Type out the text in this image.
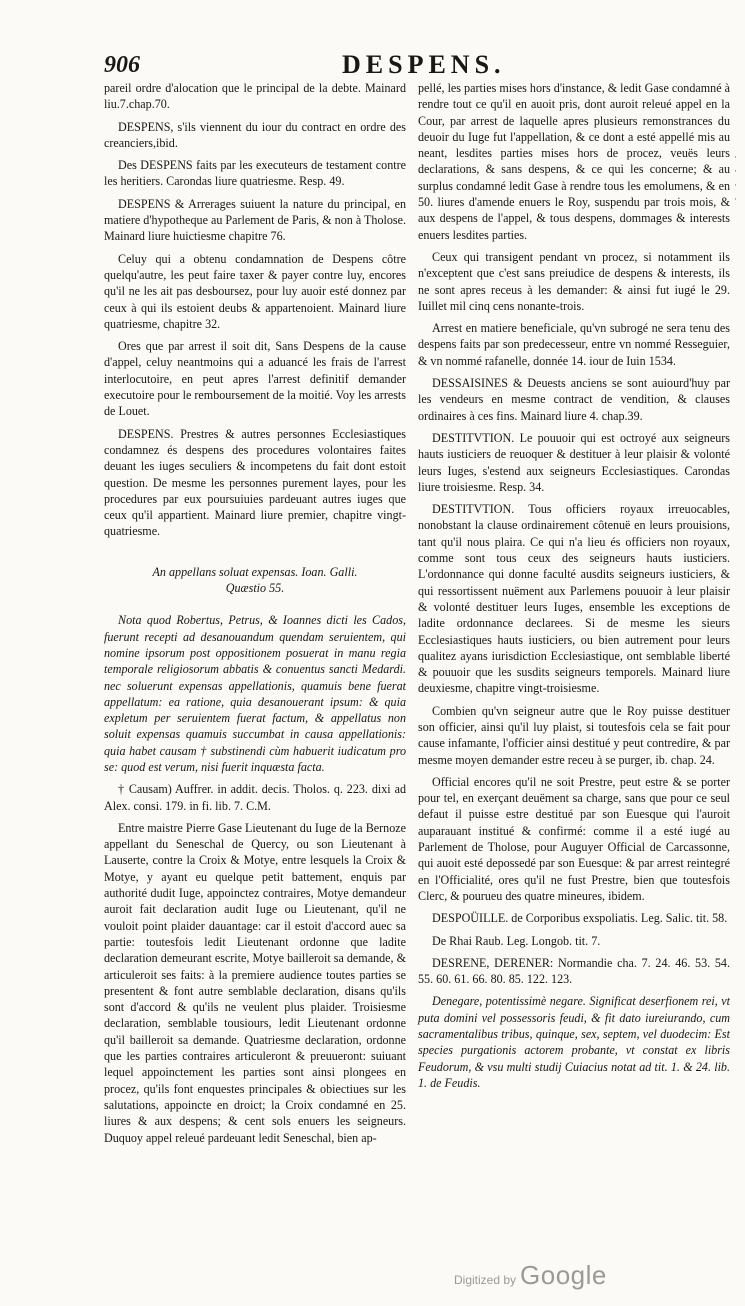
906	DESPENS.

pareil ordre d'alocation que le principal de la debte. Mainard liu.7.chap.70.

DESPENS, s'ils viennent du iour du contract en ordre des creanciers,ibid.

Des DESPENS faits par les executeurs de testament contre les heritiers. Carondas liure quatriesme. Resp. 49.

DESPENS & Arrerages suiuent la nature du principal, en matiere d'hypotheque au Parlement de Paris, & non à Tholose. Mainard liure huictiesme chapitre 76.

Celuy qui a obtenu condamnation de Despens côtre quelqu'autre, les peut faire taxer & payer contre luy, encores qu'il ne les ait pas desboursez, pour luy auoir esté donnez par ceux à qui ils estoient deubs & appartenoient. Mainard liure quatriesme, chapitre 32.

Ores que par arrest il soit dit, Sans Despens de la cause d'appel, celuy neantmoins qui a aduancé les frais de l'arrest interlocutoire, en peut apres l'arrest definitif demander executoire pour le remboursement de la moitié. Voy les arrests de Louet.

DESPENS. Prestres & autres personnes Ecclesiastiques condamnez és despens des procedures volontaires faites deuant les iuges seculiers & incompetens du fait dont estoit question. De mesme les personnes purement layes, pour les procedures par eux poursuiuies pardeuant autres iuges que ceux qu'il appartient. Mainard liure premier, chapitre vingt-quatriesme.

An appellans soluat expensas. Ioan. Galli.

Quæstio 55.

Nota quod Robertus, Petrus, & Ioannes dicti les Cados, fuerunt recepti ad desanouandum quendam seruientem, qui nomine ipsorum post oppositionem posuerat in manu regia temporale religiosorum abbatis & conuentus sancti Medardi. nec soluerunt expensas appellationis, quamuis bene fuerat appellatum: ea ratione, quia desanouerant ipsum: & quia expletum per seruientem fuerat factum, & appellatus non soluit expensas quamuis succumbat in causa appellationis: quia habet causam † substinendi cùm habuerit iudicatum pro se: quod est verum, nisi fuerit inquæsta facta.

† Causam) Auffrer. in addit. decis. Tholos. q. 223. dixi ad Alex. consi. 179. in fi. lib. 7. C.M.

Entre maistre Pierre Gase Lieutenant du Iuge de la Bernoze appellant du Seneschal de Quercy, ou son Lieutenant à Lauserte, contre la Croix & Motye, entre lesquels la Croix & Motye, y ayant eu quelque petit battement, enquis par authorité dudit Iuge, appoinctez contraires, Motye demandeur auroit fait declaration audit Iuge ou Lieutenant, qu'il ne vouloit point plaider dauantage: car il estoit d'accord auec sa partie: toutesfois ledit Lieutenant ordonne que ladite declaration demeurant escrite, Motye bailleroit sa demande, & articuleroit ses faits: à la premiere audience toutes parties se presentent & font autre semblable declaration, disans qu'ils sont d'accord & qu'ils ne veulent plus plaider. Troisiesme declaration, semblable tousiours, ledit Lieutenant ordonne qu'il bailleroit sa demande. Quatriesme declaration, ordonne que les parties contraires articuleront & preuueront: suiuant lequel appoinctement les parties sont ainsi plongees en procez, qu'ils font enquestes principales & obiectiues sur les salutations, appoincte en droict; la Croix condamné en 25. liures & aux despens; & cent sols enuers les seigneurs. Duquoy appel releué pardeuant ledit Seneschal, bien ap-

pellé, les parties mises hors d'instance, & ledit Gase condamné à rendre tout ce qu'il en auoit pris, dont auroit releué appel en la Cour, par arrest de laquelle apres plusieurs remonstrances du deuoir du Iuge fut l'appellation, & ce dont a esté appellé mis au neant, lesdites parties mises hors de procez, veuës leurs declarations, & sans despens, & ce qui les concerne; & au surplus condamné ledit Gase à rendre tous les emolumens, & en 50. liures d'amende enuers le Roy, suspendu par trois mois, & aux despens de l'appel, & tous despens, dommages & interests enuers lesdites parties.

Ceux qui transigent pendant vn procez, si notamment ils n'exceptent que c'est sans preiudice de despens & interests, ils ne sont apres receus à les demander: & ainsi fut iugé le 29. Iuillet mil cinq cens nonante-trois.

Arrest en matiere beneficiale, qu'vn subrogé ne sera tenu des despens faits par son predecesseur, entre vn nommé Resseguier, & vn nommé rafanelle, donnée 14. iour de Iuin 1534.

DESSAISINES & Deuests anciens se sont auiourd'huy par les vendeurs en mesme contract de vendition, & clauses ordinaires à ces fins. Mainard liure 4. chap.39.

DESTITVTION. Le pouuoir qui est octroyé aux seigneurs hauts iusticiers de reuoquer & destituer à leur plaisir & volonté leurs Iuges, s'estend aux seigneurs Ecclesiastiques. Carondas liure troisiesme. Resp. 34.

DESTITVTION. Tous officiers royaux irreuocables, nonobstant la clause ordinairement côtenuë en leurs prouisions, tant qu'il nous plaira. Ce qui n'a lieu és officiers non royaux, comme sont tous ceux des seigneurs hauts iusticiers. L'ordonnance qui donne faculté ausdits seigneurs iusticiers, & qui ressortissent nuëment aux Parlemens pouuoir à leur plaisir & volonté destituer leurs Iuges, ensemble les exceptions de ladite ordonnance declarees. Si de mesme les sieurs Ecclesiastiques hauts iusticiers, ou bien autrement pour leurs qualitez ayans iurisdiction Ecclesiastique, ont semblable liberté & pouuoir que les susdits seigneurs temporels. Mainard liure deuxiesme, chapitre vingt-troisiesme.

Combien qu'vn seigneur autre que le Roy puisse destituer son officier, ainsi qu'il luy plaist, si toutesfois cela se fait pour cause infamante, l'officier ainsi destitué y peut contredire, & par mesme moyen demander estre receu à se purger, ib. chap. 24.

Official encores qu'il ne soit Prestre, peut estre & se porter pour tel, en exerçant deuëment sa charge, sans que pour ce seul defaut il puisse estre destitué par son Euesque qui l'auroit auparauant institué & confirmé: comme il a esté iugé au Parlement de Tholose, pour Auguyer Official de Carcassonne, qui auoit esté depossedé par son Euesque: & par arrest reintegré en l'Officialité, ores qu'il ne fust Prestre, bien que toutesfois Clerc, & pourueu des quatre mineures, ibidem.

DESPOÜILLE. de Corporibus exspoliatis. Leg. Salic. tit. 58.

De Rhai Raub. Leg. Longob. tit. 7.

DESRENE, DERENER: Normandie cha. 7. 24. 46. 53. 54. 55. 60. 61. 66. 80. 85. 122. 123.

Denegare, potentissimè negare. Significat deserfionem rei, vt puta domini vel possessoris feudi, & fit dato iureiurando, cum sacramentalibus tribus, quinque, sex, septem, vel duodecim: Est species purgationis actorem probante, vt constat ex libris Feudorum, & vsu multi studij Cuiacius notat ad tit. 1. & 24. lib. 1. de Feudis.

·
·
·
·
Digitized by Google
